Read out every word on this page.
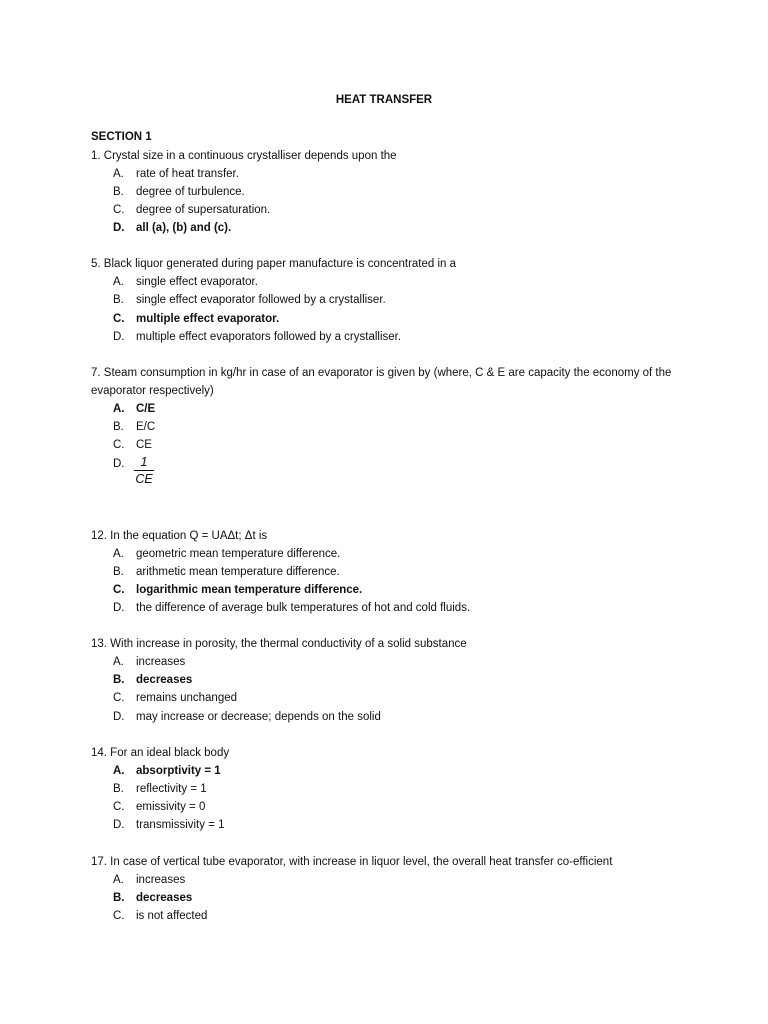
HEAT TRANSFER
SECTION 1
1. Crystal size in a continuous crystalliser depends upon the
A. rate of heat transfer.
B. degree of turbulence.
C. degree of supersaturation.
D. all (a), (b) and (c).
5. Black liquor generated during paper manufacture is concentrated in a
A. single effect evaporator.
B. single effect evaporator followed by a crystalliser.
C. multiple effect evaporator.
D. multiple effect evaporators followed by a crystalliser.
7. Steam consumption in kg/hr in case of an evaporator is given by (where, C & E are capacity the economy of the
evaporator respectively)
A. C/E
B. E/C
C. CE
D.	1
CE
12. In the equation Q = UAΔt; Δt is
A. geometric mean temperature difference.
B. arithmetic mean temperature difference.
C. logarithmic mean temperature difference.
D. the difference of average bulk temperatures of hot and cold fluids.
13. With increase in porosity, the thermal conductivity of a solid substance
A. increases
B. decreases
C. remains unchanged
D. may increase or decrease; depends on the solid
14. For an ideal black body
A. absorptivity = 1
B. reflectivity = 1
C. emissivity = 0
D. transmissivity = 1
17. In case of vertical tube evaporator, with increase in liquor level, the overall heat transfer co-efficient
A. increases
B. decreases
C. is not affected
